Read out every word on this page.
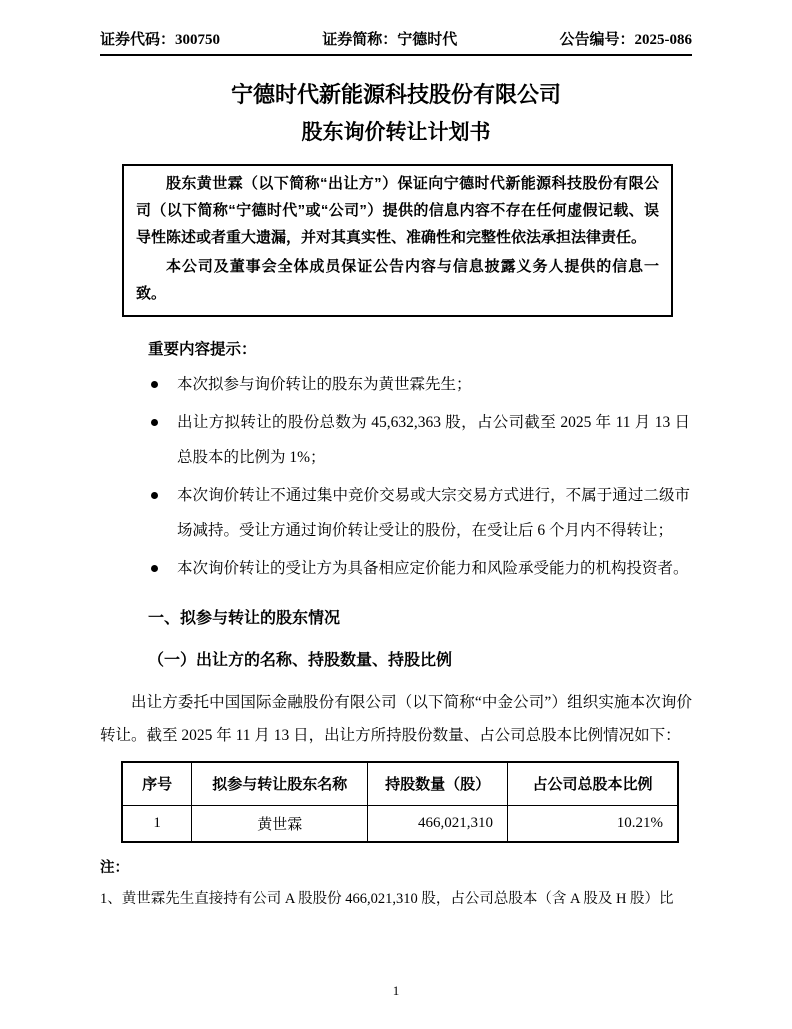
证券代码：300750	证券简称：宁德时代	公告编号：2025-086
宁德时代新能源科技股份有限公司
股东询价转让计划书

股东黄世霖（以下简称“出让方”）保证向宁德时代新能源科技股份有限公司（以下简称“宁德时代”或“公司”）提供的信息内容不存在任何虚假记载、误导性陈述或者重大遗漏，并对其真实性、准确性和完整性依法承担法律责任。

本公司及董事会全体成员保证公告内容与信息披露义务人提供的信息一致。

重要内容提示：
本次拟参与询价转让的股东为黄世霖先生；
出让方拟转让的股份总数为 45,632,363 股，占公司截至 2025 年 11 月 13 日总股本的比例为 1%；
本次询价转让不通过集中竞价交易或大宗交易方式进行，不属于通过二级市场减持。受让方通过询价转让受让的股份，在受让后 6 个月内不得转让；
本次询价转让的受让方为具备相应定价能力和风险承受能力的机构投资者。
一、拟参与转让的股东情况
（一）出让方的名称、持股数量、持股比例

出让方委托中国国际金融股份有限公司（以下简称“中金公司”）组织实施本次询价转让。截至 2025 年 11 月 13 日，出让方所持股份数量、占公司总股本比例情况如下：

序号	拟参与转让股东名称	持股数量（股）	占公司总股本比例
1	黄世霖	466,021,310	10.21%
注：

1、黄世霖先生直接持有公司 A 股股份 466,021,310 股，占公司总股本（含 A 股及 H 股）比

1
